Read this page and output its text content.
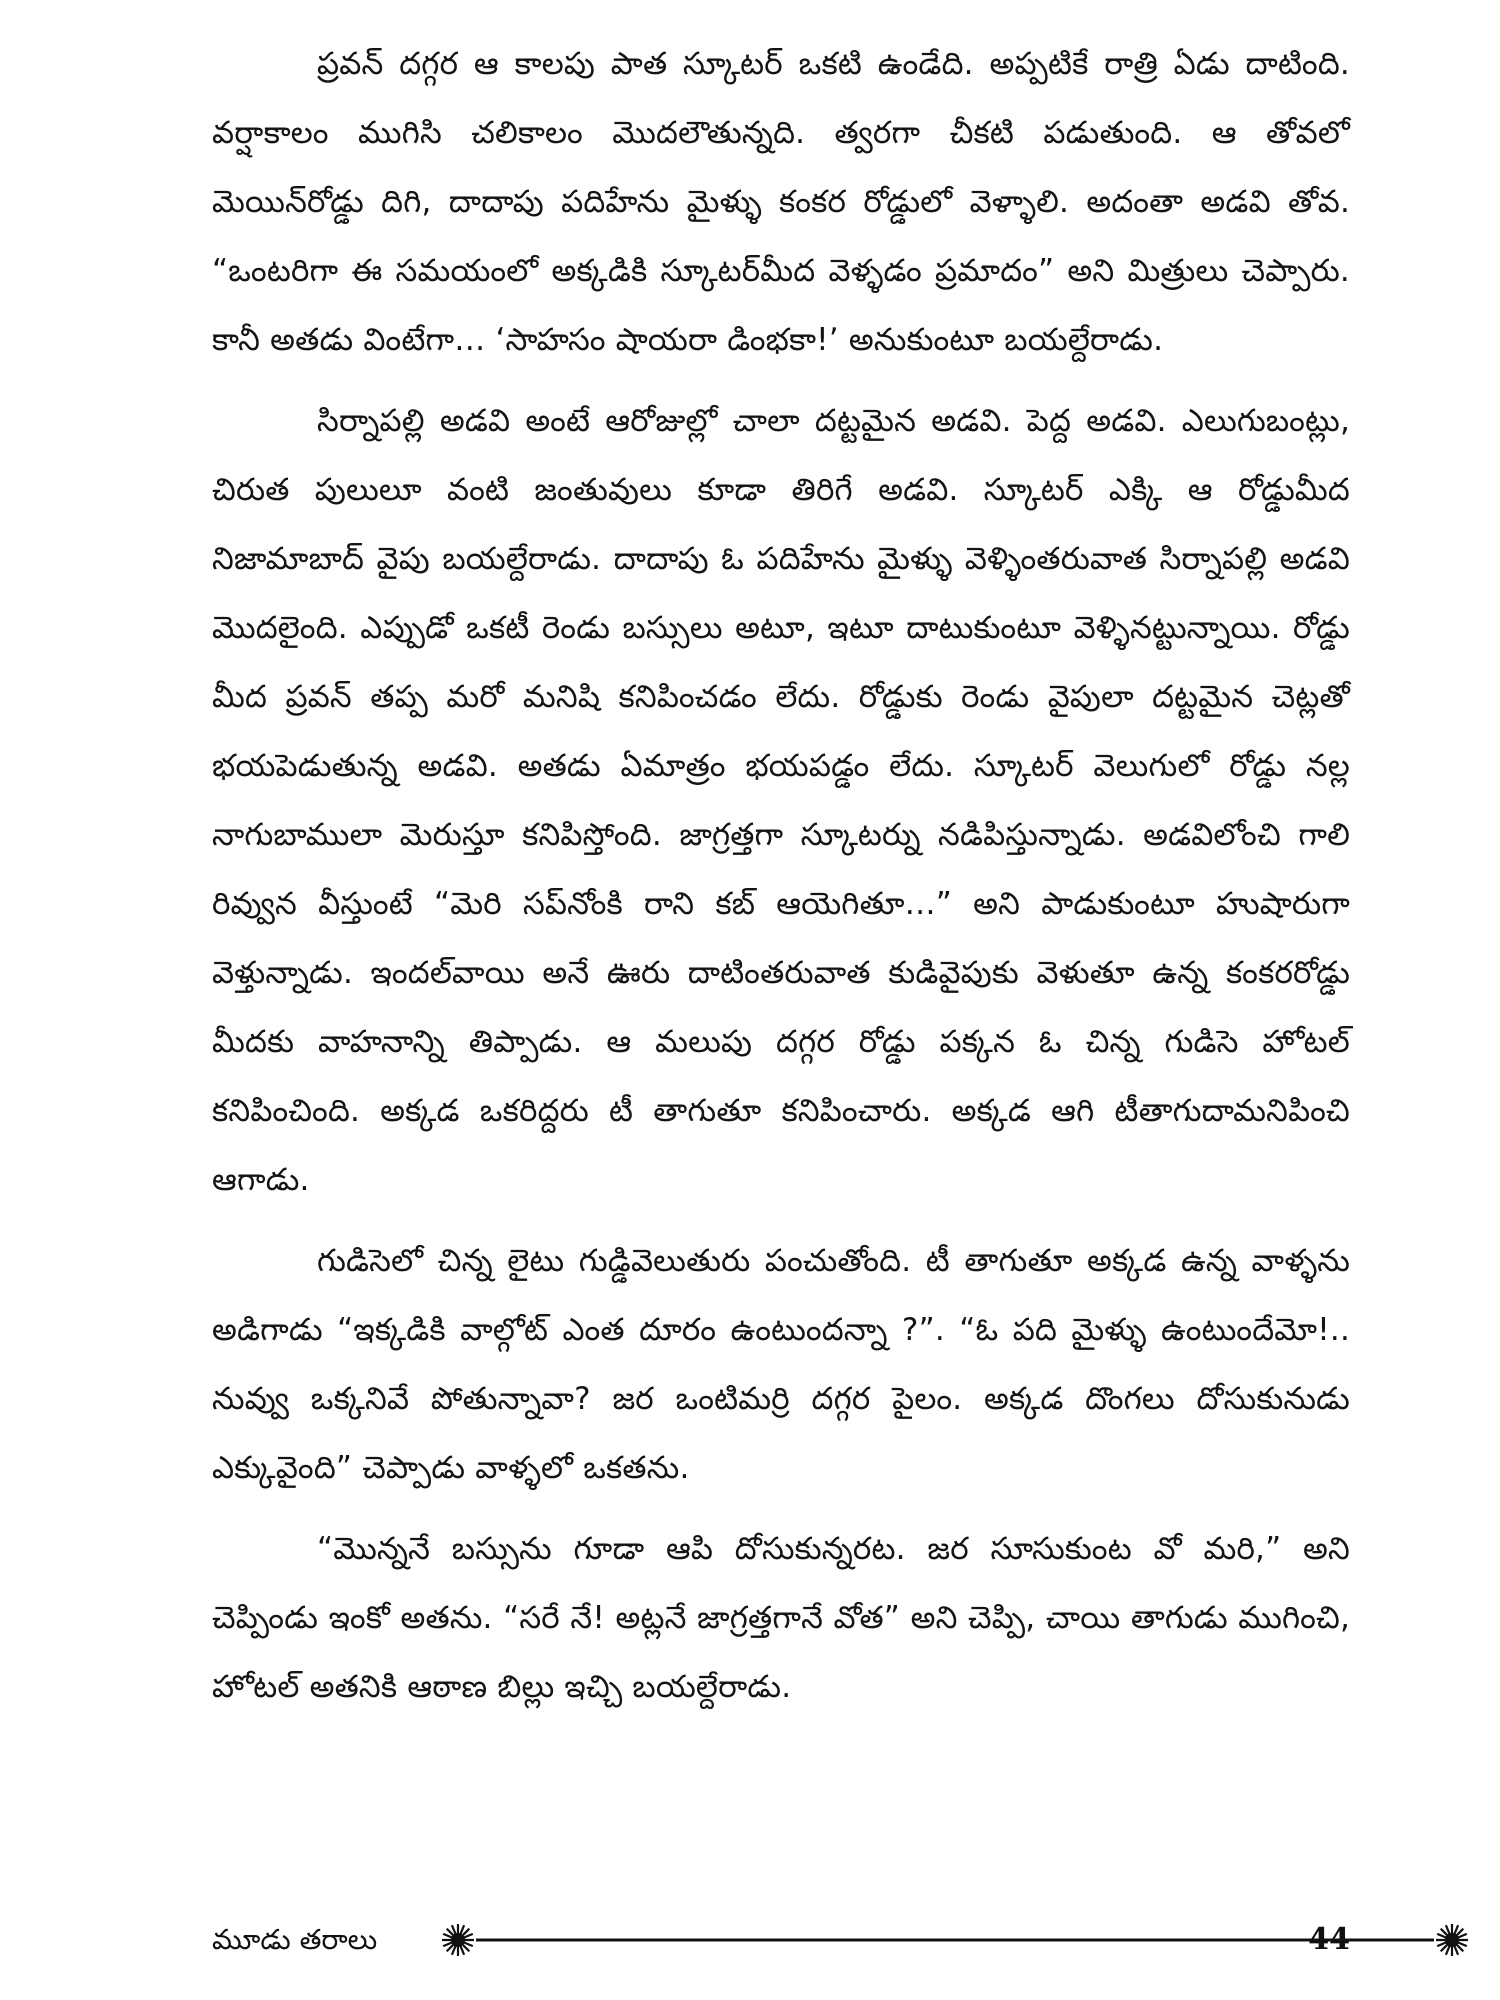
ప్రవన్ దగ్గర ఆ కాలపు పాత స్కూటర్ ఒకటి ఉండేది. అప్పటికే రాత్రి ఏడు దాటింది. వర్షాకాలం ముగిసి చలికాలం మొదలౌతున్నది. త్వరగా చీకటి పడుతుంది. ఆ తోవలో మెయిన్‌రోడ్డు దిగి, దాదాపు పదిహేను మైళ్ళు కంకర రోడ్డులో వెళ్ళాలి. అదంతా అడవి తోవ. “ఒంటరిగా ఈ సమయంలో అక్కడికి స్కూటర్‌మీద వెళ్ళడం ప్రమాదం” అని మిత్రులు చెప్పారు. కానీ అతడు వింటేగా… ‘సాహసం షాయరా డింభకా!’ అనుకుంటూ బయల్దేరాడు.

సిర్నాపల్లి అడవి అంటే ఆరోజుల్లో చాలా దట్టమైన అడవి. పెద్ద అడవి. ఎలుగుబంట్లు, చిరుత పులులూ వంటి జంతువులు కూడా తిరిగే అడవి. స్కూటర్ ఎక్కి ఆ రోడ్డుమీద నిజామాబాద్ వైపు బయల్దేరాడు. దాదాపు ఓ పదిహేను మైళ్ళు వెళ్ళింతరువాత సిర్నాపల్లి అడవి మొదలైంది. ఎప్పుడో ఒకటీ రెండు బస్సులు అటూ, ఇటూ దాటుకుంటూ వెళ్ళినట్టున్నాయి. రోడ్డు మీద ప్రవన్ తప్ప మరో మనిషి కనిపించడం లేదు. రోడ్డుకు రెండు వైపులా దట్టమైన చెట్లతో భయపెడుతున్న అడవి. అతడు ఏమాత్రం భయపడ్డం లేదు. స్కూటర్ వెలుగులో రోడ్డు నల్ల నాగుబాములా మెరుస్తూ కనిపిస్తోంది. జాగ్రత్తగా స్కూటర్ను నడిపిస్తున్నాడు. అడవిలోంచి గాలి రివ్వున వీస్తుంటే “మెరి సప్‌నోంకి రాని కబ్ ఆయెగితూ…” అని పాడుకుంటూ హుషారుగా వెళ్తున్నాడు. ఇందల్‌వాయి అనే ఊరు దాటింతరువాత కుడివైపుకు వెళుతూ ఉన్న కంకరరోడ్డు మీదకు వాహనాన్ని తిప్పాడు. ఆ మలుపు దగ్గర రోడ్డు పక్కన ఓ చిన్న గుడిసె హోటల్ కనిపించింది. అక్కడ ఒకరిద్దరు టీ తాగుతూ కనిపించారు. అక్కడ ఆగి టీతాగుదామనిపించి ఆగాడు.

గుడిసెలో చిన్న లైటు గుడ్డివెలుతురు పంచుతోంది. టీ తాగుతూ అక్కడ ఉన్న వాళ్ళను అడిగాడు “ఇక్కడికి వాల్గోట్ ఎంత దూరం ఉంటుందన్నా ?”. “ఓ పది మైళ్ళు ఉంటుందేమో!.. నువ్వు ఒక్కనివే పోతున్నావా? జర ఒంటిమర్రి దగ్గర పైలం. అక్కడ దొంగలు దోసుకునుడు ఎక్కువైంది” చెప్పాడు వాళ్ళలో ఒకతను.

“మొన్ననే బస్సును గూడా ఆపి దోసుకున్నరట. జర సూసుకుంట వో మరి,” అని చెప్పిండు ఇంకో అతను. “సరే నే! అట్లనే జాగ్రత్తగానే వోత” అని చెప్పి, చాయి తాగుడు ముగించి, హోటల్ అతనికి ఆఠాణ బిల్లు ఇచ్చి బయల్దేరాడు.

మూడు తరాలు	44
